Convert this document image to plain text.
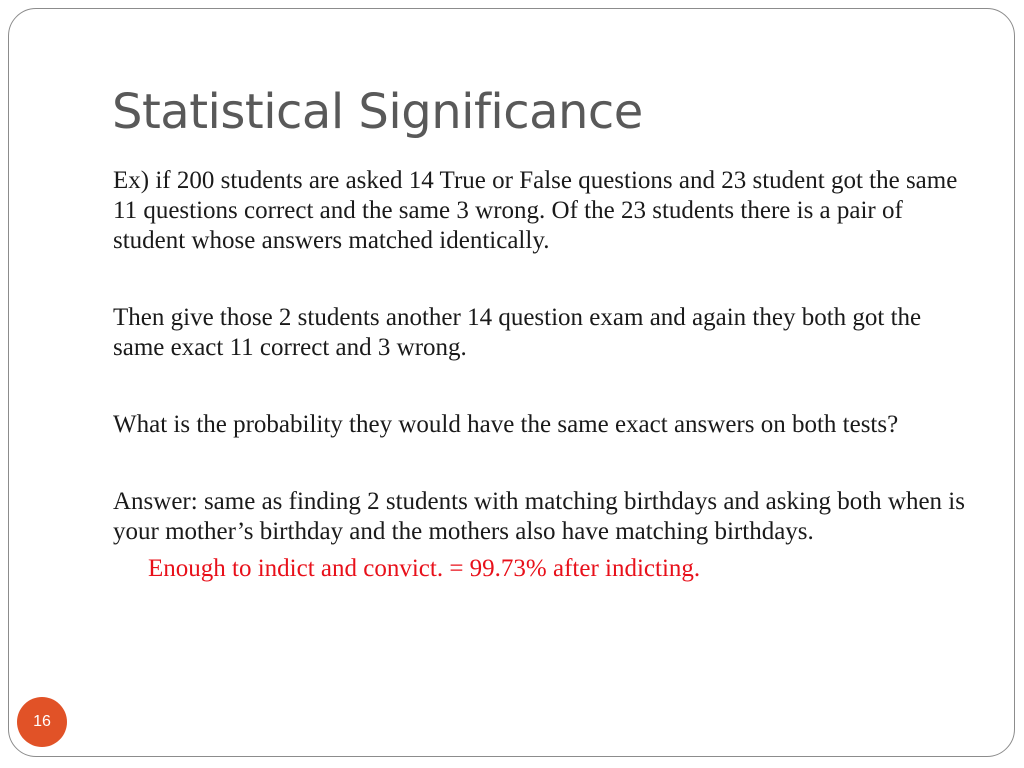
Statistical Significance

Ex) if 200 students are asked 14 True or False questions and 23 student got the same 11 questions correct and the same 3 wrong. Of the 23 students there is a pair of student whose answers matched identically.

Then give those 2 students another 14 question exam and again they both got the same exact 11 correct and 3 wrong.

What is the probability they would have the same exact answers on both tests?

Answer: same as finding 2 students with matching birthdays and asking both when is your mother’s birthday and the mothers also have matching birthdays.

Enough to indict and convict. = 99.73% after indicting.

16
